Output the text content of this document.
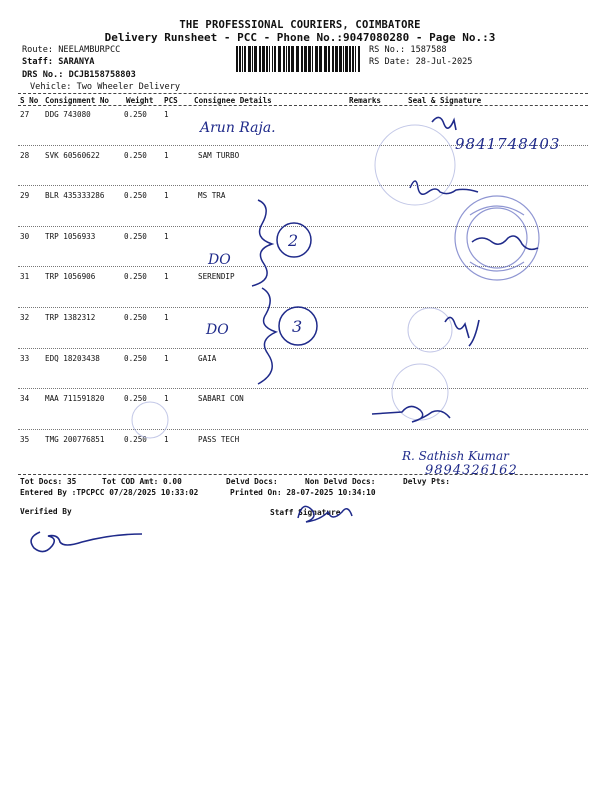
THE PROFESSIONAL COURIERS, COIMBATORE
Delivery Runsheet - PCC - Phone No.:9047080280 - Page No.:3
Route: NEELAMBURPCC
Staff: SARANYA
DRS No.: DCJB158758803
Vehicle: Two Wheeler Delivery
RS No.: 1587588
RS Date: 28-Jul-2025
S No Consignment No Weight PCS Consignee Details	Remarks	Seal & Signature
27 DDG 743080	0.250 1
28 SVK 60560622	0.250 1	SAM TURBO
29 BLR 435333286	0.250 1	MS TRA
30 TRP 1056933	0.250 1
31 TRP 1056906	0.250 1	SERENDIP
32 TRP 1382312	0.250 1
33 EDQ 18203438	0.250 1	GAIA
34 MAA 711591820	0.250 1	SABARI CON
35 TMG 200776851	0.250 1	PASS TECH
Tot Docs: 35	Tot COD Amt: 0.00	Delvd Docs:	Non Delvd Docs:	Delvy Pts:
Entered By :TPCPCC 07/28/2025 10:33:02	Printed On: 28-07-2025 10:34:10
Verified By	Staff Signature
Arun Raja.
9841748403
DO
2
DO	3
R. Sathish Kumar
9894326162
